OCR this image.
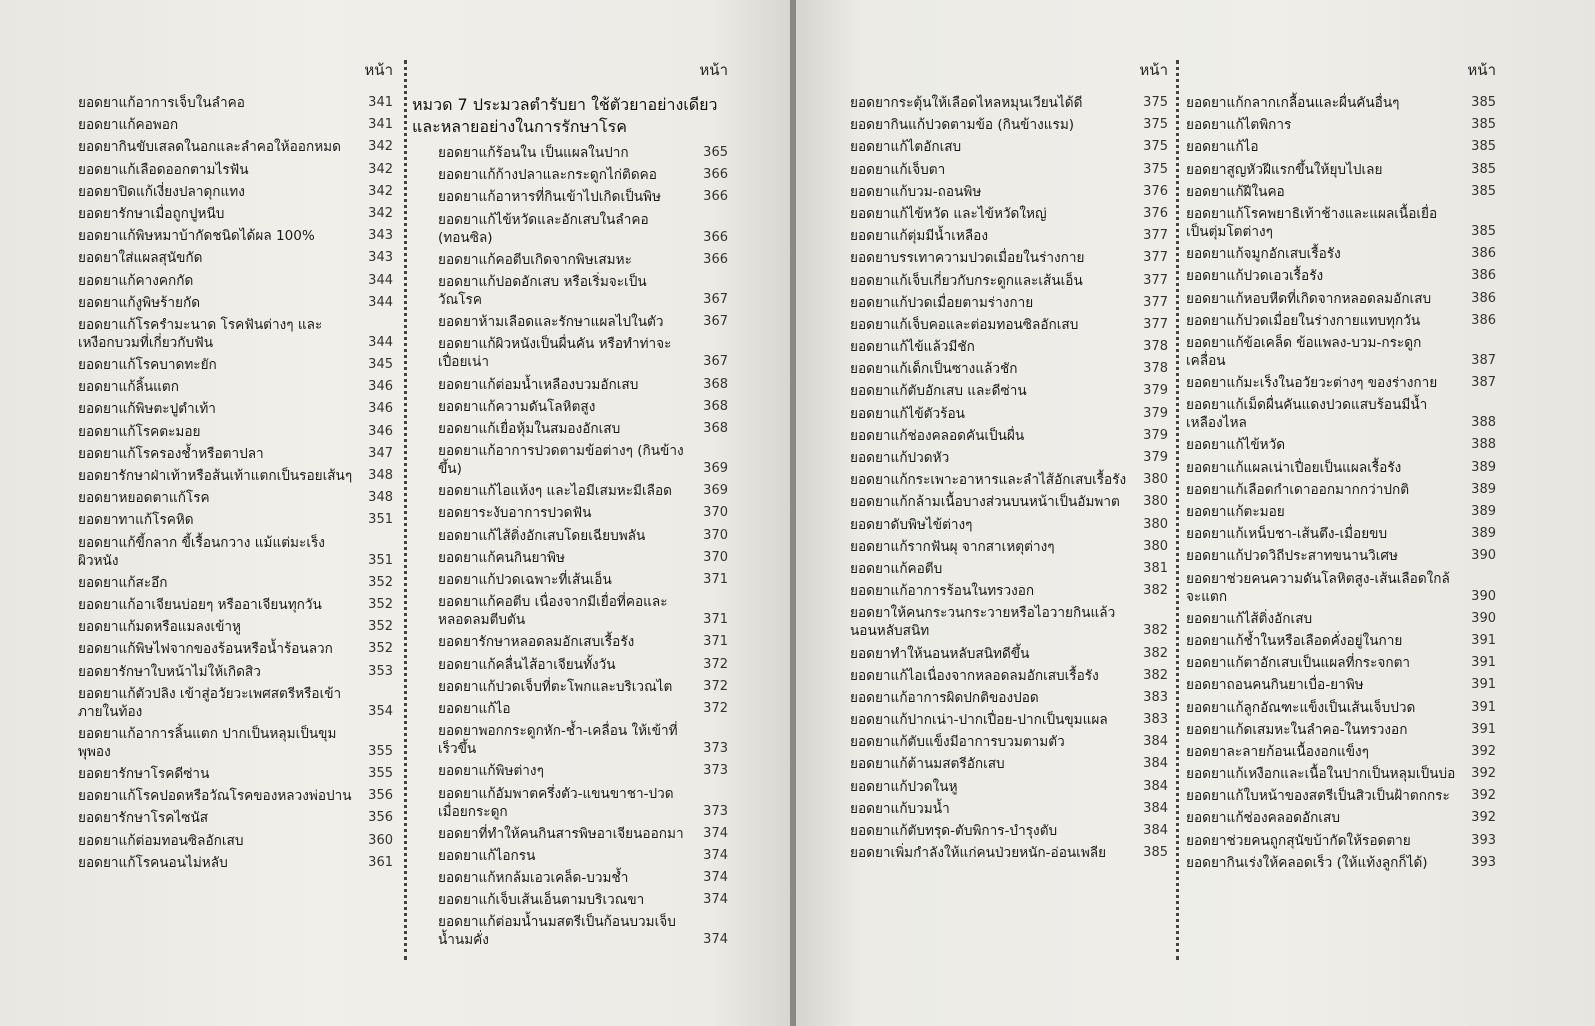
หน้า
ยอดยาแก้อาการเจ็บในลำคอ	341
ยอดยาแก้คอพอก	341
ยอดยากินขับเสลดในอกและลำคอให้ออกหมด	342
ยอดยาแก้เลือดออกตามไรฟัน	342
ยอดยาปิดแก้เงี่ยงปลาดุกแทง	342
ยอดยารักษาเมื่อถูกปูหนีบ	342
ยอดยาแก้พิษหมาบ้ากัดชนิดได้ผล 100%	343
ยอดยาใส่แผลสุนัขกัด	343
ยอดยาแก้คางคกกัด	344
ยอดยาแก้งูพิษร้ายกัด	344
ยอดยาแก้โรครำมะนาด โรคฟันต่างๆ และเหงือกบวมที่เกี่ยวกับฟัน	344
ยอดยาแก้โรคบาดทะยัก	345
ยอดยาแก้ลิ้นแตก	346
ยอดยาแก้พิษตะปูตำเท้า	346
ยอดยาแก้โรคตะมอย	346
ยอดยาแก้โรครองช้ำหรือตาปลา	347
ยอดยารักษาฝ่าเท้าหรือส้นเท้าแตกเป็นรอยเส้นๆ	348
ยอดยาหยอดตาแก้โรค	348
ยอดยาทาแก้โรคหิด	351
ยอดยาแก้ขี้กลาก ขี้เรื้อนกวาง แม้แต่มะเร็งผิวหนัง	351
ยอดยาแก้สะอึก	352
ยอดยาแก้อาเจียนบ่อยๆ หรืออาเจียนทุกวัน	352
ยอดยาแก้มดหรือแมลงเข้าหู	352
ยอดยาแก้พิษไฟจากของร้อนหรือน้ำร้อนลวก	352
ยอดยารักษาใบหน้าไม่ให้เกิดสิว	353
ยอดยาแก้ตัวปลิง เข้าสู่อวัยวะเพศสตรีหรือเข้าภายในท้อง	354
ยอดยาแก้อาการลิ้นแตก ปากเป็นหลุมเป็นขุมพุพอง	355
ยอดยารักษาโรคดีซ่าน	355
ยอดยาแก้โรคปอดหรือวัณโรคของหลวงพ่อปาน	356
ยอดยารักษาโรคไซนัส	356
ยอดยาแก้ต่อมทอนซิลอักเสบ	360
ยอดยาแก้โรคนอนไม่หลับ	361
หน้า
หมวด 7 ประมวลตำรับยา ใช้ตัวยาอย่างเดียวและหลายอย่างในการรักษาโรค
ยอดยาแก้ร้อนใน เป็นแผลในปาก	365
ยอดยาแก้ก้างปลาและกระดูกไก่ติดคอ	366
ยอดยาแก้อาหารที่กินเข้าไปเกิดเป็นพิษ	366
ยอดยาแก้ไข้หวัดและอักเสบในลำคอ (ทอนซิล)	366
ยอดยาแก้คอตีบเกิดจากพิษเสมหะ	366
ยอดยาแก้ปอดอักเสบ หรือเริ่มจะเป็นวัณโรค	367
ยอดยาห้ามเลือดและรักษาแผลไปในตัว	367
ยอดยาแก้ผิวหนังเป็นผื่นคัน หรือทำท่าจะเปื่อยเน่า	367
ยอดยาแก้ต่อมน้ำเหลืองบวมอักเสบ	368
ยอดยาแก้ความดันโลหิตสูง	368
ยอดยาแก้เยื่อหุ้มในสมองอักเสบ	368
ยอดยาแก้อาการปวดตามข้อต่างๆ (กินข้างขึ้น)	369
ยอดยาแก้ไอแห้งๆ และไอมีเสมหะมีเลือด	369
ยอดยาระงับอาการปวดฟัน	370
ยอดยาแก้ไส้ติ่งอักเสบโดยเฉียบพลัน	370
ยอดยาแก้คนกินยาพิษ	370
ยอดยาแก้ปวดเฉพาะที่เส้นเอ็น	371
ยอดยาแก้คอตีบ เนื่องจากมีเยื่อที่คอและหลอดลมตีบตัน	371
ยอดยารักษาหลอดลมอักเสบเรื้อรัง	371
ยอดยาแก้คลื่นไส้อาเจียนทั้งวัน	372
ยอดยาแก้ปวดเจ็บที่ตะโพกและบริเวณไต	372
ยอดยาแก้ไอ	372
ยอดยาพอกกระดูกหัก-ช้ำ-เคลื่อน ให้เข้าที่เร็วขึ้น	373
ยอดยาแก้พิษต่างๆ	373
ยอดยาแก้อัมพาตครึ่งตัว-แขนขาชา-ปวดเมื่อยกระดูก	373
ยอดยาที่ทำให้คนกินสารพิษอาเจียนออกมา	374
ยอดยาแก้ไอกรน	374
ยอดยาแก้หกล้มเอวเคล็ด-บวมช้ำ	374
ยอดยาแก้เจ็บเส้นเอ็นตามบริเวณขา	374
ยอดยาแก้ต่อมน้ำนมสตรีเป็นก้อนบวมเจ็บ น้ำนมคั่ง	374
หน้า
ยอดยากระตุ้นให้เลือดไหลหมุนเวียนได้ดี	375
ยอดยากินแก้ปวดตามข้อ (กินข้างแรม)	375
ยอดยาแก้ไตอักเสบ	375
ยอดยาแก้เจ็บตา	375
ยอดยาแก้บวม-ถอนพิษ	376
ยอดยาแก้ไข้หวัด และไข้หวัดใหญ่	376
ยอดยาแก้ตุ่มมีน้ำเหลือง	377
ยอดยาบรรเทาความปวดเมื่อยในร่างกาย	377
ยอดยาแก้เจ็บเกี่ยวกับกระดูกและเส้นเอ็น	377
ยอดยาแก้ปวดเมื่อยตามร่างกาย	377
ยอดยาแก้เจ็บคอและต่อมทอนซิลอักเสบ	377
ยอดยาแก้ไข้แล้วมีชัก	378
ยอดยาแก้เด็กเป็นซางแล้วชัก	378
ยอดยาแก้ตับอักเสบ และดีซ่าน	379
ยอดยาแก้ไข้ตัวร้อน	379
ยอดยาแก้ช่องคลอดคันเป็นผื่น	379
ยอดยาแก้ปวดหัว	379
ยอดยาแก้กระเพาะอาหารและลำไส้อักเสบเรื้อรัง	380
ยอดยาแก้กล้ามเนื้อบางส่วนบนหน้าเป็นอัมพาต	380
ยอดยาดับพิษไข้ต่างๆ	380
ยอดยาแก้รากฟันผุ จากสาเหตุต่างๆ	380
ยอดยาแก้คอตีบ	381
ยอดยาแก้อาการร้อนในทรวงอก	382
ยอดยาให้คนกระวนกระวายหรือไอวายกินแล้วนอนหลับสนิท	382
ยอดยาทำให้นอนหลับสนิทดีขึ้น	382
ยอดยาแก้ไอเนื่องจากหลอดลมอักเสบเรื้อรัง	382
ยอดยาแก้อาการผิดปกติของปอด	383
ยอดยาแก้ปากเน่า-ปากเปื่อย-ปากเป็นขุมแผล	383
ยอดยาแก้ตับแข็งมีอาการบวมตามตัว	384
ยอดยาแก้ต้านมสตรีอักเสบ	384
ยอดยาแก้ปวดในหู	384
ยอดยาแก้บวมน้ำ	384
ยอดยาแก้ตับทรุด-ตับพิการ-บำรุงตับ	384
ยอดยาเพิ่มกำลังให้แก่คนป่วยหนัก-อ่อนเพลีย	385
หน้า
ยอดยาแก้กลากเกลื้อนและผื่นคันอื่นๆ	385
ยอดยาแก้ไตพิการ	385
ยอดยาแก้ไอ	385
ยอดยาสูญหัวฝีแรกขึ้นให้ยุบไปเลย	385
ยอดยาแก้ฝีในคอ	385
ยอดยาแก้โรคพยาธิเท้าช้างและแผลเนื้อเยื่อเป็นตุ่มโตต่างๆ	385
ยอดยาแก้จมูกอักเสบเรื้อรัง	386
ยอดยาแก้ปวดเอวเรื้อรัง	386
ยอดยาแก้หอบหืดที่เกิดจากหลอดลมอักเสบ	386
ยอดยาแก้ปวดเมื่อยในร่างกายแทบทุกวัน	386
ยอดยาแก้ข้อเคล็ด ข้อแพลง-บวม-กระดูกเคลื่อน	387
ยอดยาแก้มะเร็งในอวัยวะต่างๆ ของร่างกาย	387
ยอดยาแก้เม็ดผื่นคันแดงปวดแสบร้อนมีน้ำเหลืองไหล	388
ยอดยาแก้ไข้หวัด	388
ยอดยาแก้แผลเน่าเปื่อยเป็นแผลเรื้อรัง	389
ยอดยาแก้เลือดกำเดาออกมากกว่าปกติ	389
ยอดยาแก้ตะมอย	389
ยอดยาแก้เหน็บชา-เส้นตึง-เมื่อยขบ	389
ยอดยาแก้ปวดวิถีประสาทขนานวิเศษ	390
ยอดยาช่วยคนความดันโลหิตสูง-เส้นเลือดใกล้จะแตก	390
ยอดยาแก้ไส้ติ่งอักเสบ	390
ยอดยาแก้ช้ำในหรือเลือดคั่งอยู่ในกาย	391
ยอดยาแก้ตาอักเสบเป็นแผลที่กระจกตา	391
ยอดยาถอนคนกินยาเบื่อ-ยาพิษ	391
ยอดยาแก้ลูกอัณฑะแข็งเป็นเส้นเจ็บปวด	391
ยอดยาแก้ดเสมหะในลำคอ-ในทรวงอก	391
ยอดยาละลายก้อนเนื้องอกแข็งๆ	392
ยอดยาแก้เหงือกและเนื้อในปากเป็นหลุมเป็นบ่อ	392
ยอดยาแก้ใบหน้าของสตรีเป็นสิวเป็นฝ้าตกกระ	392
ยอดยาแก้ช่องคลอดอักเสบ	392
ยอดยาช่วยคนถูกสุนัขบ้ากัดให้รอดตาย	393
ยอดยากินเร่งให้คลอดเร็ว (ให้แท้งลูกก็ได้)	393
